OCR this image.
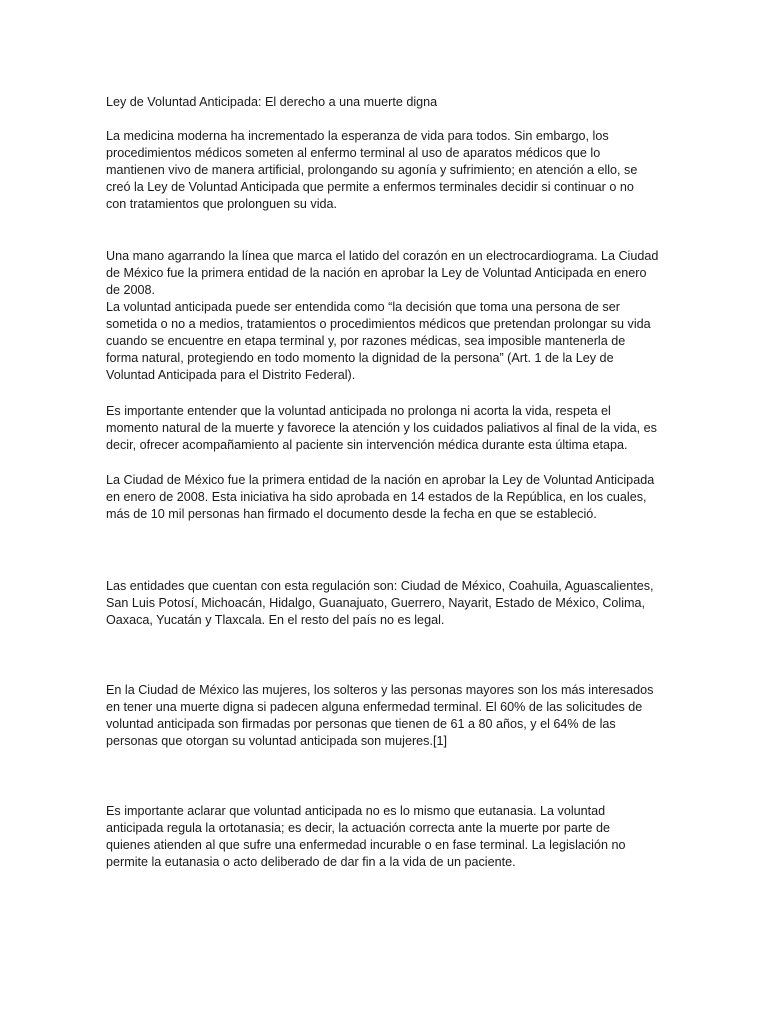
Ley de Voluntad Anticipada: El derecho a una muerte digna

La medicina moderna ha incrementado la esperanza de vida para todos. Sin embargo, los
procedimientos médicos someten al enfermo terminal al uso de aparatos médicos que lo
mantienen vivo de manera artificial, prolongando su agonía y sufrimiento; en atención a ello, se
creó la Ley de Voluntad Anticipada que permite a enfermos terminales decidir si continuar o no
con tratamientos que prolonguen su vida.

Una mano agarrando la línea que marca el latido del corazón en un electrocardiograma. La Ciudad
de México fue la primera entidad de la nación en aprobar la Ley de Voluntad Anticipada en enero
de 2008.
La voluntad anticipada puede ser entendida como “la decisión que toma una persona de ser
sometida o no a medios, tratamientos o procedimientos médicos que pretendan prolongar su vida
cuando se encuentre en etapa terminal y, por razones médicas, sea imposible mantenerla de
forma natural, protegiendo en todo momento la dignidad de la persona” (Art. 1 de la Ley de
Voluntad Anticipada para el Distrito Federal).

Es importante entender que la voluntad anticipada no prolonga ni acorta la vida, respeta el
momento natural de la muerte y favorece la atención y los cuidados paliativos al final de la vida, es
decir, ofrecer acompañamiento al paciente sin intervención médica durante esta última etapa.

La Ciudad de México fue la primera entidad de la nación en aprobar la Ley de Voluntad Anticipada
en enero de 2008. Esta iniciativa ha sido aprobada en 14 estados de la República, en los cuales,
más de 10 mil personas han firmado el documento desde la fecha en que se estableció.

Las entidades que cuentan con esta regulación son: Ciudad de México, Coahuila, Aguascalientes,
San Luis Potosí, Michoacán, Hidalgo, Guanajuato, Guerrero, Nayarit, Estado de México, Colima,
Oaxaca, Yucatán y Tlaxcala. En el resto del país no es legal.

En la Ciudad de México las mujeres, los solteros y las personas mayores son los más interesados
en tener una muerte digna si padecen alguna enfermedad terminal. El 60% de las solicitudes de
voluntad anticipada son firmadas por personas que tienen de 61 a 80 años, y el 64% de las
personas que otorgan su voluntad anticipada son mujeres.[1]

Es importante aclarar que voluntad anticipada no es lo mismo que eutanasia. La voluntad
anticipada regula la ortotanasia; es decir, la actuación correcta ante la muerte por parte de
quienes atienden al que sufre una enfermedad incurable o en fase terminal. La legislación no
permite la eutanasia o acto deliberado de dar fin a la vida de un paciente.
